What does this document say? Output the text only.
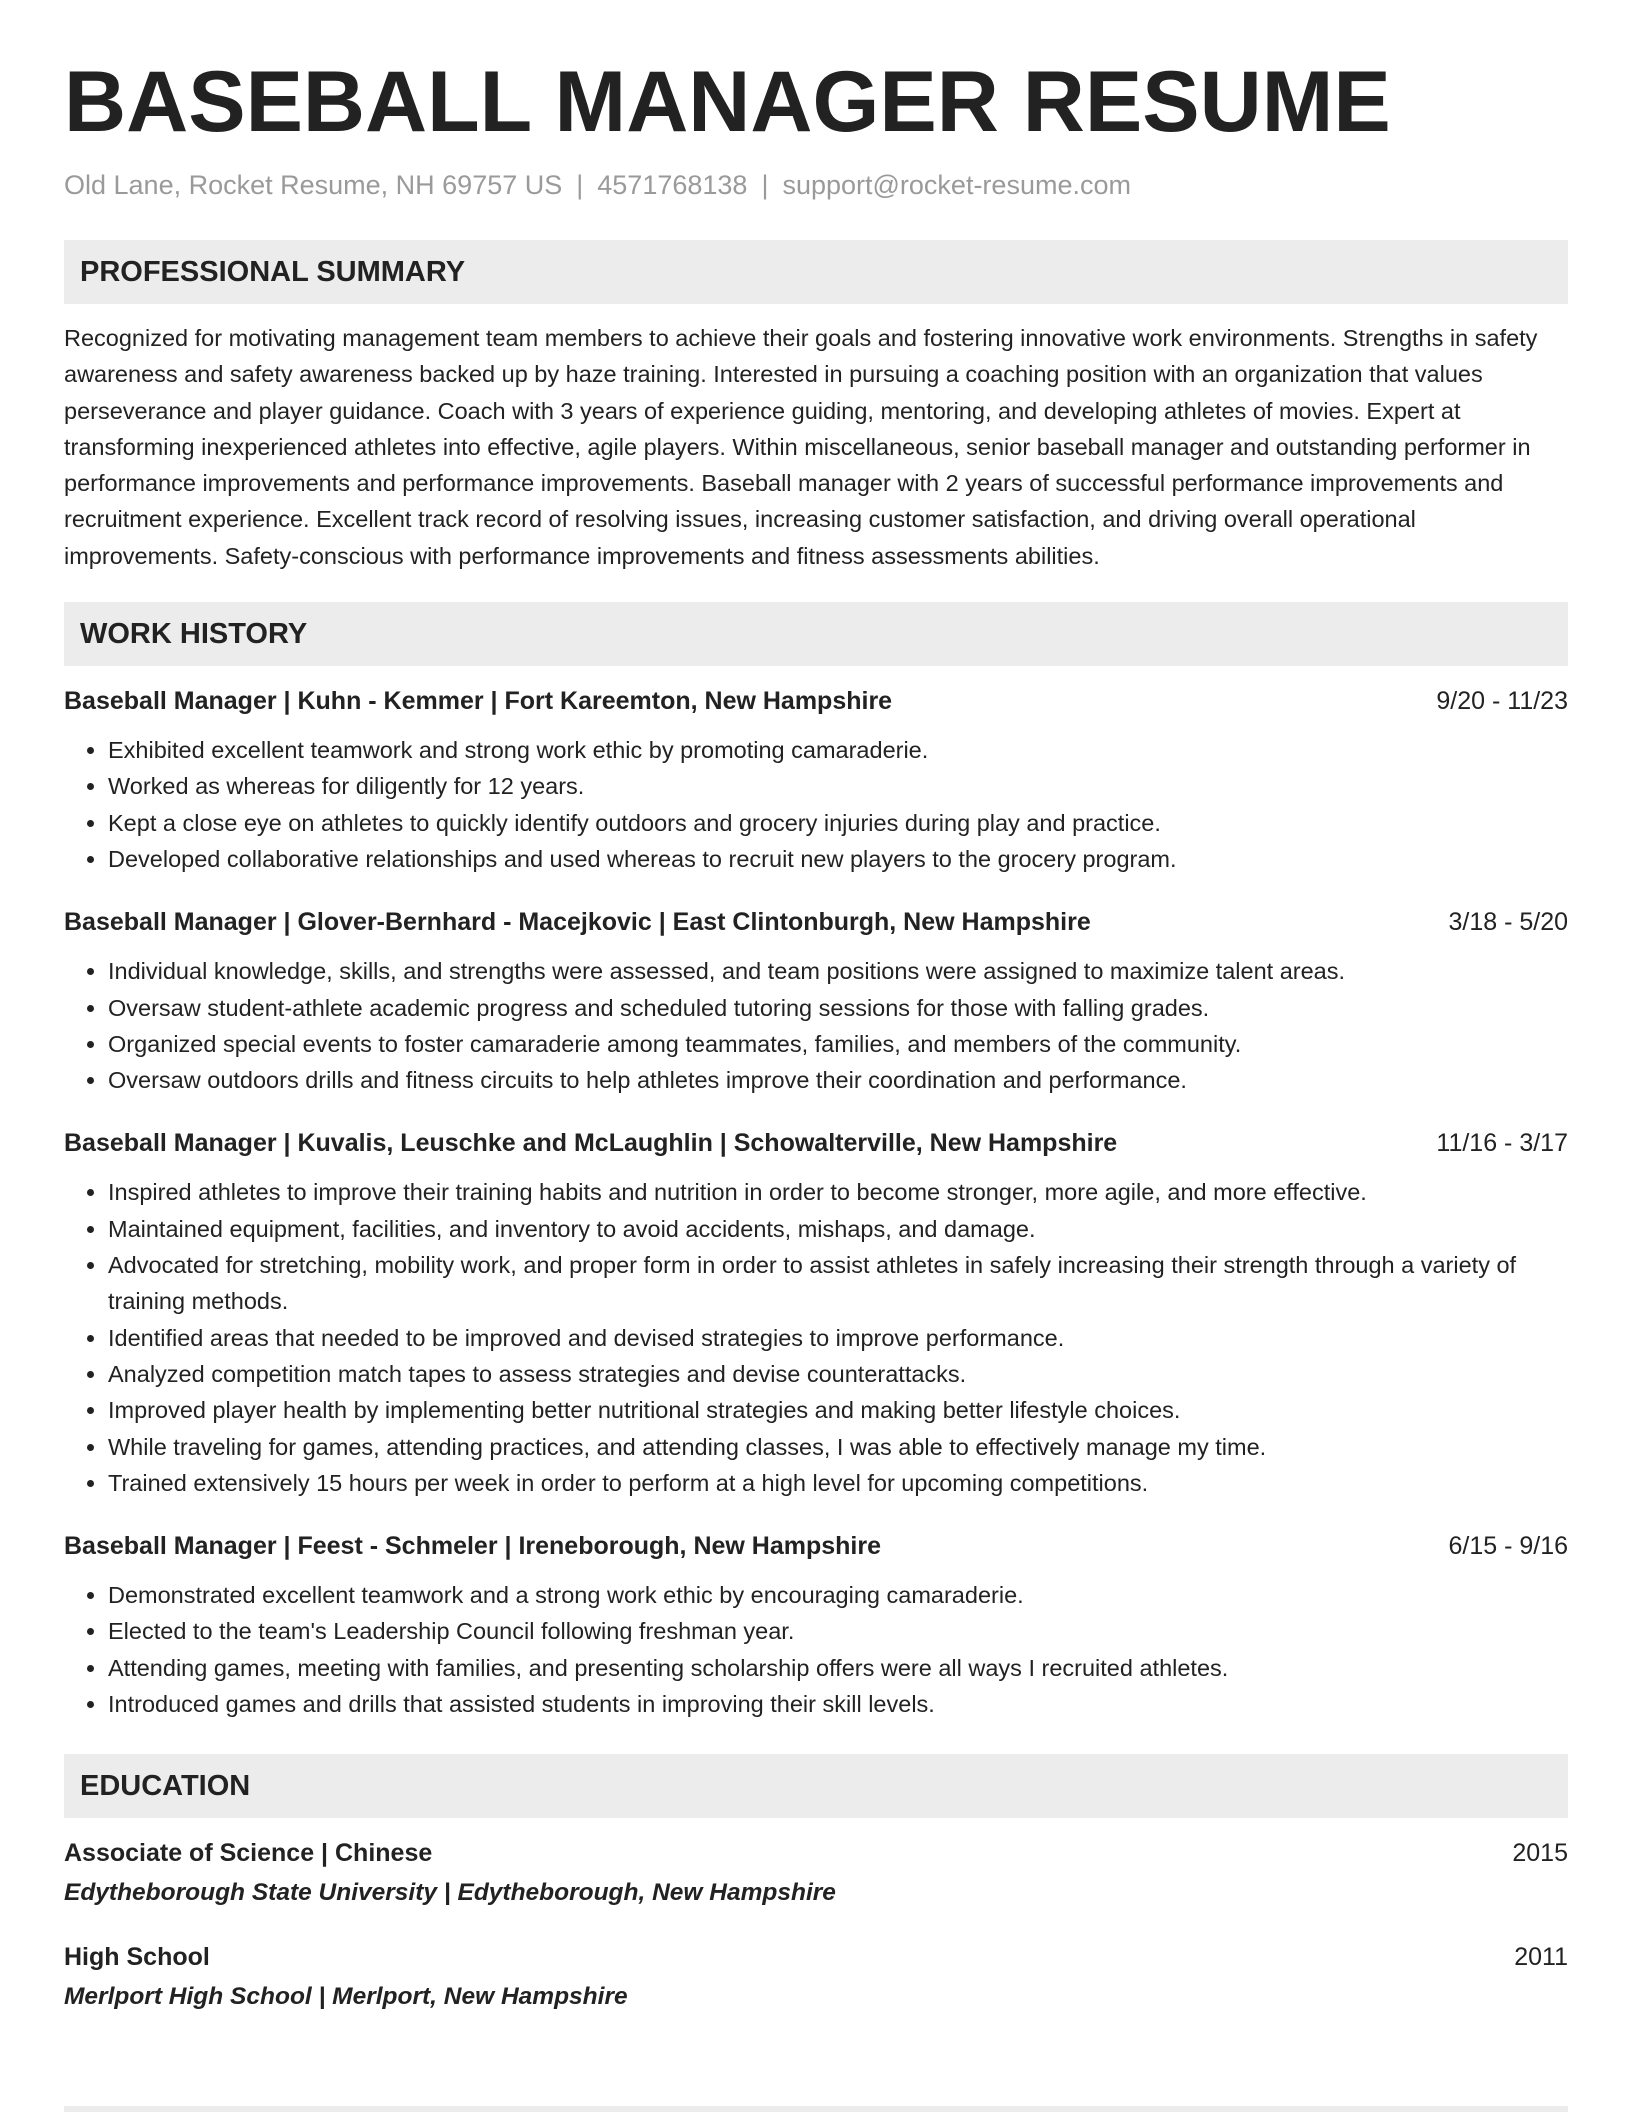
BASEBALL MANAGER RESUME
Old Lane, Rocket Resume, NH 69757 US | 4571768138 | support@rocket-resume.com
PROFESSIONAL SUMMARY
Recognized for motivating management team members to achieve their goals and fostering innovative work environments. Strengths in safety awareness and safety awareness backed up by haze training. Interested in pursuing a coaching position with an organization that values perseverance and player guidance. Coach with 3 years of experience guiding, mentoring, and developing athletes of movies. Expert at transforming inexperienced athletes into effective, agile players. Within miscellaneous, senior baseball manager and outstanding performer in performance improvements and performance improvements. Baseball manager with 2 years of successful performance improvements and recruitment experience. Excellent track record of resolving issues, increasing customer satisfaction, and driving overall operational improvements. Safety-conscious with performance improvements and fitness assessments abilities.
WORK HISTORY
Baseball Manager | Kuhn - Kemmer | Fort Kareemton, New Hampshire	9/20 - 11/23
• Exhibited excellent teamwork and strong work ethic by promoting camaraderie.
• Worked as whereas for diligently for 12 years.
• Kept a close eye on athletes to quickly identify outdoors and grocery injuries during play and practice.
• Developed collaborative relationships and used whereas to recruit new players to the grocery program.
Baseball Manager | Glover-Bernhard - Macejkovic | East Clintonburgh, New Hampshire	3/18 - 5/20
• Individual knowledge, skills, and strengths were assessed, and team positions were assigned to maximize talent areas.
• Oversaw student-athlete academic progress and scheduled tutoring sessions for those with falling grades.
• Organized special events to foster camaraderie among teammates, families, and members of the community.
• Oversaw outdoors drills and fitness circuits to help athletes improve their coordination and performance.
Baseball Manager | Kuvalis, Leuschke and McLaughlin | Schowalterville, New Hampshire	11/16 - 3/17
• Inspired athletes to improve their training habits and nutrition in order to become stronger, more agile, and more effective.
• Maintained equipment, facilities, and inventory to avoid accidents, mishaps, and damage.
• Advocated for stretching, mobility work, and proper form in order to assist athletes in safely increasing their strength through a variety of training methods.
• Identified areas that needed to be improved and devised strategies to improve performance.
• Analyzed competition match tapes to assess strategies and devise counterattacks.
• Improved player health by implementing better nutritional strategies and making better lifestyle choices.
• While traveling for games, attending practices, and attending classes, I was able to effectively manage my time.
• Trained extensively 15 hours per week in order to perform at a high level for upcoming competitions.
Baseball Manager | Feest - Schmeler | Ireneborough, New Hampshire	6/15 - 9/16
• Demonstrated excellent teamwork and a strong work ethic by encouraging camaraderie.
• Elected to the team's Leadership Council following freshman year.
• Attending games, meeting with families, and presenting scholarship offers were all ways I recruited athletes.
• Introduced games and drills that assisted students in improving their skill levels.
EDUCATION
Associate of Science | Chinese	2015
Edytheborough State University | Edytheborough, New Hampshire
High School	2011
Merlport High School | Merlport, New Hampshire
